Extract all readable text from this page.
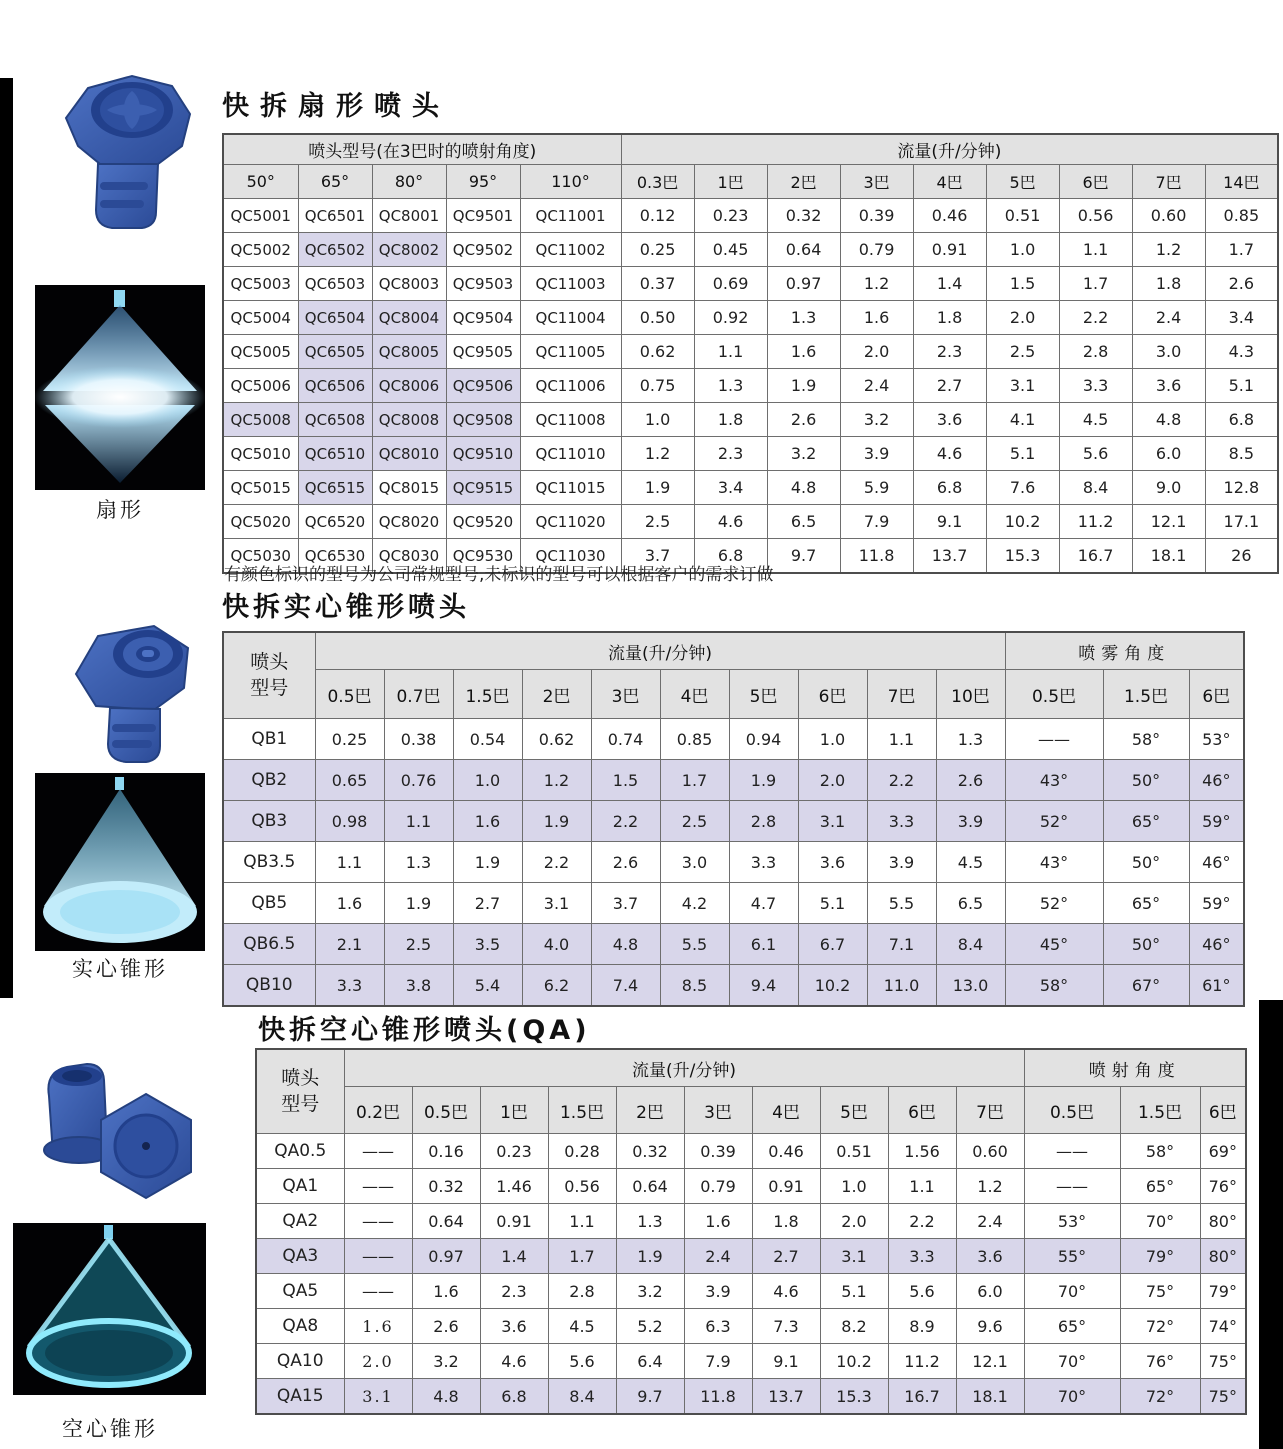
扇形
实心锥形
空心锥形
快拆扇形喷头
喷头型号(在3巴时的喷射角度)					流量(升/分钟)								
50°	65°	80°	95°	110°	0.3巴	1巴	2巴	3巴	4巴	5巴	6巴	7巴	14巴
QC5001	QC6501	QC8001	QC9501	QC11001	0.12	0.23	0.32	0.39	0.46	0.51	0.56	0.60	0.85
QC5002	QC6502	QC8002	QC9502	QC11002	0.25	0.45	0.64	0.79	0.91	1.0	1.1	1.2	1.7
QC5003	QC6503	QC8003	QC9503	QC11003	0.37	0.69	0.97	1.2	1.4	1.5	1.7	1.8	2.6
QC5004	QC6504	QC8004	QC9504	QC11004	0.50	0.92	1.3	1.6	1.8	2.0	2.2	2.4	3.4
QC5005	QC6505	QC8005	QC9505	QC11005	0.62	1.1	1.6	2.0	2.3	2.5	2.8	3.0	4.3
QC5006	QC6506	QC8006	QC9506	QC11006	0.75	1.3	1.9	2.4	2.7	3.1	3.3	3.6	5.1
QC5008	QC6508	QC8008	QC9508	QC11008	1.0	1.8	2.6	3.2	3.6	4.1	4.5	4.8	6.8
QC5010	QC6510	QC8010	QC9510	QC11010	1.2	2.3	3.2	3.9	4.6	5.1	5.6	6.0	8.5
QC5015	QC6515	QC8015	QC9515	QC11015	1.9	3.4	4.8	5.9	6.8	7.6	8.4	9.0	12.8
QC5020	QC6520	QC8020	QC9520	QC11020	2.5	4.6	6.5	7.9	9.1	10.2	11.2	12.1	17.1
QC5030	QC6530	QC8030	QC9530	QC11030	3.7	6.8	9.7	11.8	13.7	15.3	16.7	18.1	26

有颜色标识的型号为公司常规型号,未标识的型号可以根据客户的需求订做

快拆实心锥形喷头
喷头
型号	流量(升/分钟)										喷雾角度		
	0.5巴	0.7巴	1.5巴	2巴	3巴	4巴	5巴	6巴	7巴	10巴	0.5巴	1.5巴	6巴
QB1	0.25	0.38	0.54	0.62	0.74	0.85	0.94	1.0	1.1	1.3	——	58°	53°
QB2	0.65	0.76	1.0	1.2	1.5	1.7	1.9	2.0	2.2	2.6	43°	50°	46°
QB3	0.98	1.1	1.6	1.9	2.2	2.5	2.8	3.1	3.3	3.9	52°	65°	59°
QB3.5	1.1	1.3	1.9	2.2	2.6	3.0	3.3	3.6	3.9	4.5	43°	50°	46°
QB5	1.6	1.9	2.7	3.1	3.7	4.2	4.7	5.1	5.5	6.5	52°	65°	59°
QB6.5	2.1	2.5	3.5	4.0	4.8	5.5	6.1	6.7	7.1	8.4	45°	50°	46°
QB10	3.3	3.8	5.4	6.2	7.4	8.5	9.4	10.2	11.0	13.0	58°	67°	61°
快拆空心锥形喷头(QA)
喷头
型号	流量(升/分钟)										喷射角度		
	0.2巴	0.5巴	1巴	1.5巴	2巴	3巴	4巴	5巴	6巴	7巴	0.5巴	1.5巴	6巴
QA0.5	——	0.16	0.23	0.28	0.32	0.39	0.46	0.51	1.56	0.60	——	58°	69°
QA1	——	0.32	1.46	0.56	0.64	0.79	0.91	1.0	1.1	1.2	——	65°	76°
QA2	——	0.64	0.91	1.1	1.3	1.6	1.8	2.0	2.2	2.4	53°	70°	80°
QA3	——	0.97	1.4	1.7	1.9	2.4	2.7	3.1	3.3	3.6	55°	79°	80°
QA5	——	1.6	2.3	2.8	3.2	3.9	4.6	5.1	5.6	6.0	70°	75°	79°
QA8	1.6	2.6	3.6	4.5	5.2	6.3	7.3	8.2	8.9	9.6	65°	72°	74°
QA10	2.0	3.2	4.6	5.6	6.4	7.9	9.1	10.2	11.2	12.1	70°	76°	75°
QA15	3.1	4.8	6.8	8.4	9.7	11.8	13.7	15.3	16.7	18.1	70°	72°	75°
